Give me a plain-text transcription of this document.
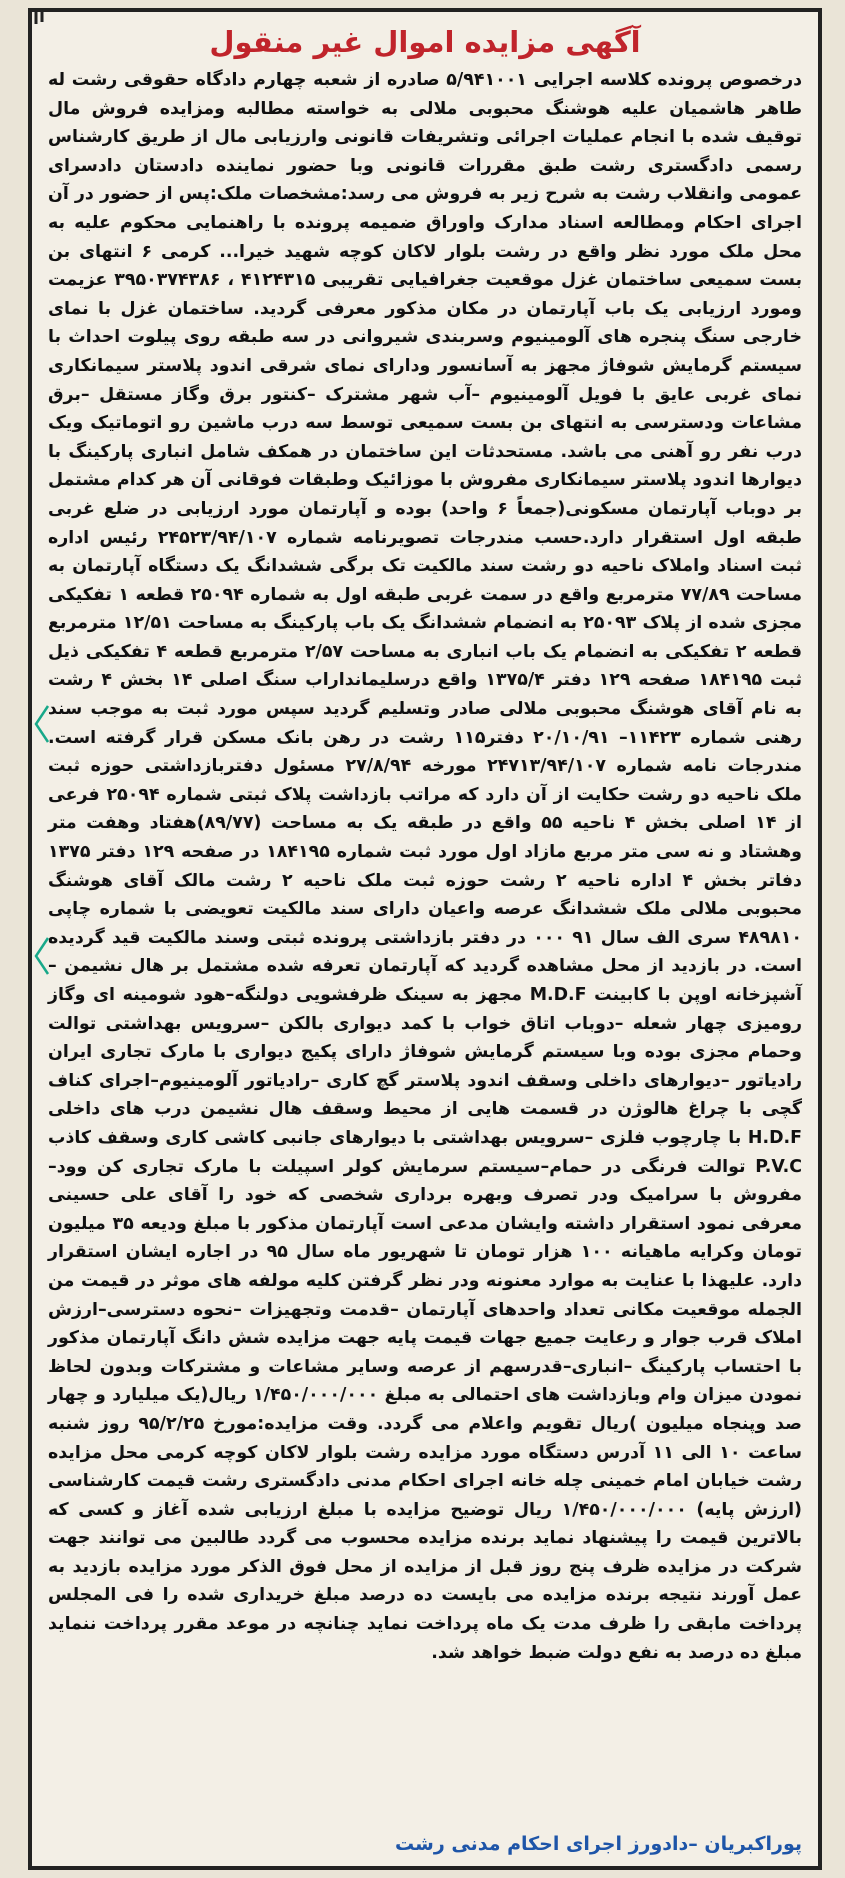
آگهی مزایده اموال غیر منقول
درخصوص پرونده کلاسه اجرایی ۵/۹۴۱۰۰۱ صادره از شعبه چهارم دادگاه حقوقی رشت له طاهر هاشمیان علیه هوشنگ محبوبی ملالی به خواسته مطالبه ومزایده فروش مال توقیف شده با انجام عملیات اجرائی وتشریفات قانونی وارزیابی مال از طریق کارشناس رسمی دادگستری رشت طبق مقررات قانونی وبا حضور نماینده دادستان دادسرای عمومی وانقلاب رشت به شرح زیر به فروش می رسد:مشخصات ملک:پس از حضور در آن اجرای احکام ومطالعه اسناد مدارک واوراق ضمیمه پرونده با راهنمایی محکوم علیه به محل ملک مورد نظر واقع در رشت بلوار لاکان کوچه شهید خیرا... کرمی ۶ انتهای بن بست سمیعی ساختمان غزل موقعیت جغرافیایی تقریبی ۴۱۲۴۳۱۵ ، ۳۹۵۰۳۷۴۳۸۶ عزیمت ومورد ارزیابی یک باب آپارتمان در مکان مذکور معرفی گردید. ساختمان غزل با نمای خارجی سنگ پنجره های آلومینیوم وسربندی شیروانی در سه طبقه روی پیلوت احداث با سیستم گرمایش شوفاژ مجهز به آسانسور ودارای نمای شرقی اندود پلاستر سیمانکاری نمای غربی عایق با فویل آلومینیوم –آب شهر مشترک –کنتور برق وگاز مستقل –برق مشاعات ودسترسی به انتهای بن بست سمیعی توسط سه درب ماشین رو اتوماتیک ویک درب نفر رو آهنی می باشد. مستحدثات این ساختمان در همکف شامل انباری پارکینگ با دیوارها اندود پلاستر سیمانکاری مفروش با موزائیک وطبقات فوقانی آن هر کدام مشتمل بر دوباب آپارتمان مسکونی(جمعاً ۶ واحد) بوده و آپارتمان مورد ارزیابی در ضلع غربی طبقه اول استقرار دارد.حسب مندرجات تصویرنامه شماره ۲۴۵۲۳/۹۴/۱۰۷ رئیس اداره ثبت اسناد واملاک ناحیه دو رشت سند مالکیت تک برگی ششدانگ یک دستگاه آپارتمان به مساحت ۷۷/۸۹ مترمربع واقع در سمت غربی طبقه اول به شماره ۲۵۰۹۴ قطعه ۱ تفکیکی مجزی شده از پلاک ۲۵۰۹۳ به انضمام ششدانگ یک باب پارکینگ به مساحت ۱۲/۵۱ مترمربع قطعه ۲ تفکیکی به انضمام یک باب انباری به مساحت ۲/۵۷ مترمربع قطعه ۴ تفکیکی ذیل ثبت ۱۸۴۱۹۵ صفحه ۱۲۹ دفتر ۱۳۷۵/۴ واقع درسلیمانداراب سنگ اصلی ۱۴ بخش ۴ رشت به نام آقای هوشنگ محبوبی ملالی صادر وتسلیم گردید سپس مورد ثبت به موجب سند رهنی شماره ۱۱۴۲۳– ۲۰/۱۰/۹۱ دفتر۱۱۵ رشت در رهن بانک مسکن قرار گرفته است. مندرجات نامه شماره ۲۴۷۱۳/۹۴/۱۰۷ مورخه ۲۷/۸/۹۴ مسئول دفتربازداشتی حوزه ثبت ملک ناحیه دو رشت حکایت از آن دارد که مراتب بازداشت پلاک ثبتی شماره ۲۵۰۹۴ فرعی از ۱۴ اصلی بخش ۴ ناحیه ۵۵ واقع در طبقه یک به مساحت (۸۹/۷۷)هفتاد وهفت متر وهشتاد و نه سی متر مربع مازاد اول مورد ثبت شماره ۱۸۴۱۹۵ در صفحه ۱۲۹ دفتر ۱۳۷۵ دفاتر بخش ۴ اداره ناحیه ۲ رشت حوزه ثبت ملک ناحیه ۲ رشت مالک آقای هوشنگ محبوبی ملالی ملک ششدانگ عرصه واعیان دارای سند مالکیت تعویضی با شماره چاپی ۴۸۹۸۱۰ سری الف سال ۹۱ ۰۰۰ در دفتر بازداشتی پرونده ثبتی وسند مالکیت قید گردیده است. در بازدید از محل مشاهده گردید که آپارتمان تعرفه شده مشتمل بر هال نشیمن –آشپزخانه اوپن با کابینت M.D.F مجهز به سینک ظرفشویی دولنگه–هود شومینه ای وگاز رومیزی چهار شعله –دوباب اتاق خواب با کمد دیواری بالکن –سرویس بهداشتی توالت وحمام مجزی بوده وبا سیستم گرمایش شوفاژ دارای پکیج دیواری با مارک تجاری ایران رادیاتور –دیوارهای داخلی وسقف اندود پلاستر گچ کاری –رادیاتور آلومینیوم–اجرای کناف گچی با چراغ هالوژن در قسمت هایی از محیط وسقف هال نشیمن درب های داخلی H.D.F با چارچوب فلزی –سرویس بهداشتی با دیوارهای جانبی کاشی کاری وسقف کاذب P.V.C توالت فرنگی در حمام–سیستم سرمایش کولر اسپیلت با مارک تجاری کن وود–مفروش با سرامیک ودر تصرف وبهره برداری شخصی که خود را آقای علی حسینی معرفی نمود استقرار داشته وایشان مدعی است آپارتمان مذکور با مبلغ ودیعه ۳۵ میلیون تومان وکرایه ماهیانه ۱۰۰ هزار تومان تا شهریور ماه سال ۹۵ در اجاره ایشان استقرار دارد. علیهذا با عنایت به موارد معنونه ودر نظر گرفتن کلیه مولفه های موثر در قیمت من الجمله موقعیت مکانی تعداد واحدهای آپارتمان –قدمت وتجهیزات –نحوه دسترسی–ارزش املاک قرب جوار و رعایت جمیع جهات قیمت پایه جهت مزایده شش دانگ آپارتمان مذکور با احتساب پارکینگ –انباری–قدرسهم از عرصه وسایر مشاعات و مشترکات وبدون لحاظ نمودن میزان وام وبازداشت های احتمالی به مبلغ ۱/۴۵۰/۰۰۰/۰۰۰ ریال(یک میلیارد و چهار صد وپنجاه میلیون )ریال تقویم واعلام می گردد. وقت مزایده:مورخ ۹۵/۲/۲۵ روز شنبه ساعت ۱۰ الی ۱۱ آدرس دستگاه مورد مزایده رشت بلوار لاکان کوچه کرمی محل مزایده رشت خیابان امام خمینی چله خانه اجرای احکام مدنی دادگستری رشت قیمت کارشناسی (ارزش پایه) ۱/۴۵۰/۰۰۰/۰۰۰ ریال توضیح مزایده با مبلغ ارزیابی شده آغاز و کسی که بالاترین قیمت را پیشنهاد نماید برنده مزایده محسوب می گردد طالبین می توانند جهت شرکت در مزایده ظرف پنج روز قبل از مزایده از محل فوق الذکر مورد مزایده بازدید به عمل آورند نتیجه برنده مزایده می بایست ده درصد مبلغ خریداری شده را فی المجلس پرداخت مابقی را ظرف مدت یک ماه پرداخت نماید چنانچه در موعد مقرر پرداخت ننماید مبلغ ده درصد به نفع دولت ضبط خواهد شد.
پوراکبریان –دادورز اجرای احکام مدنی رشت
